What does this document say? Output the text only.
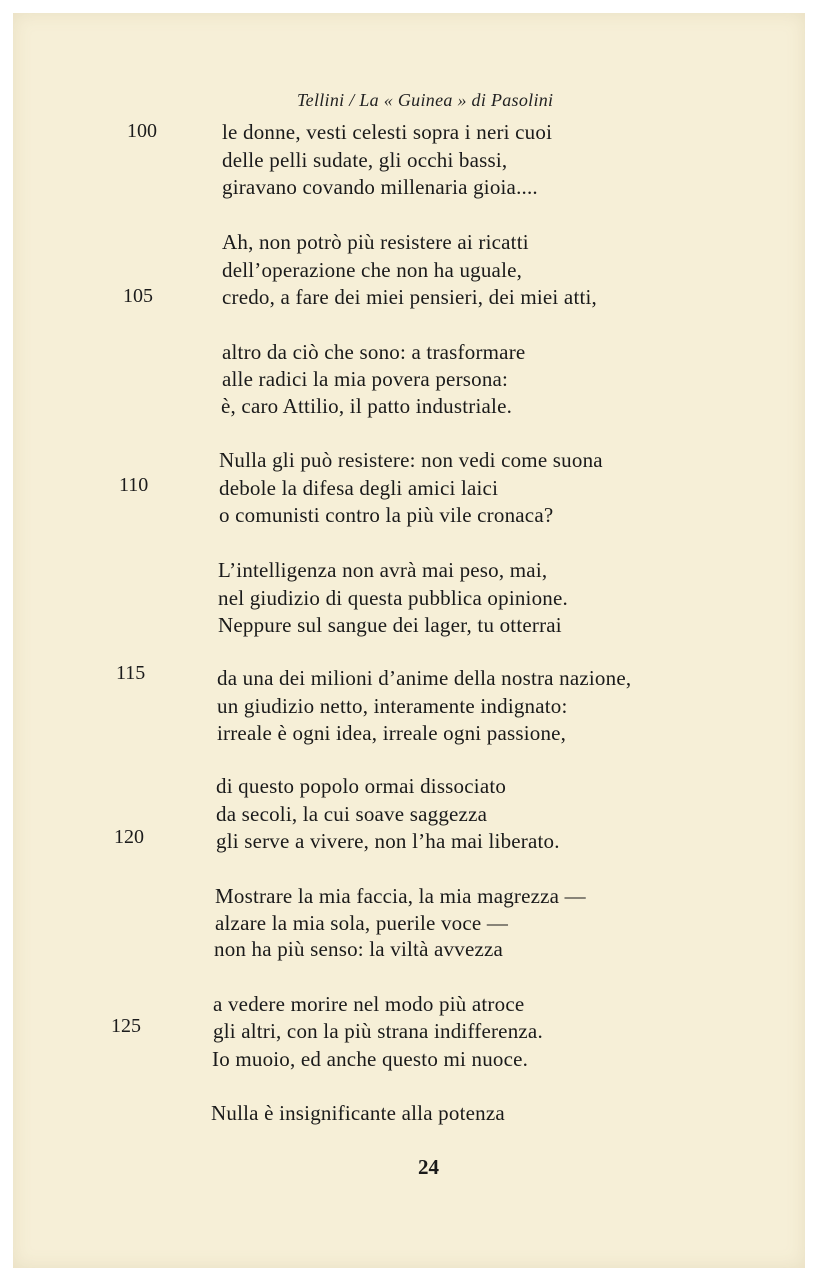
Tellini / La « Guinea » di Pasolini
100
105
110
115
120
125
le donne, vesti celesti sopra i neri cuoi
delle pelli sudate, gli occhi bassi,
giravano covando millenaria gioia....
Ah, non potrò più resistere ai ricatti
dell’operazione che non ha uguale,
credo, a fare dei miei pensieri, dei miei atti,
altro da ciò che sono: a trasformare
alle radici la mia povera persona:
è, caro Attilio, il patto industriale.
Nulla gli può resistere: non vedi come suona
debole la difesa degli amici laici
o comunisti contro la più vile cronaca?
L’intelligenza non avrà mai peso, mai,
nel giudizio di questa pubblica opinione.
Neppure sul sangue dei lager, tu otterrai
da una dei milioni d’anime della nostra nazione,
un giudizio netto, interamente indignato:
irreale è ogni idea, irreale ogni passione,
di questo popolo ormai dissociato
da secoli, la cui soave saggezza
gli serve a vivere, non l’ha mai liberato.
Mostrare la mia faccia, la mia magrezza —
alzare la mia sola, puerile voce —
non ha più senso: la viltà avvezza
a vedere morire nel modo più atroce
gli altri, con la più strana indifferenza.
Io muoio, ed anche questo mi nuoce.
Nulla è insignificante alla potenza
24
